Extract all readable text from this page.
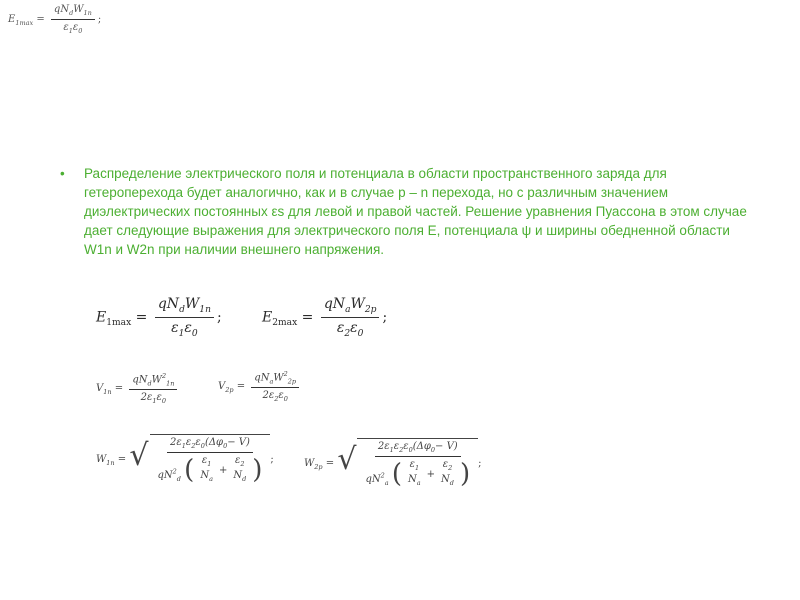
$E_{1max} = \frac{qN_dW_{1n}}{\varepsilon_1\varepsilon_0}$ ;
• Распределение электрического поля и потенциала в области пространственного заряда для гетероперехода будет аналогично, как и в случае p – n перехода, но с различным значением диэлектрических постоянных εs для левой и правой частей. Решение уравнения Пуассона в этом случае дает следующие выражения для электрического поля E, потенциала ψ и ширины обедненной области W1n и W2n при наличии внешнего напряжения.
$E_{1max} = \frac{qN_dW_{1n}}{\varepsilon_1\varepsilon_0}$ ;	$E_{2max} = \frac{qN_aW_{2p}}{\varepsilon_2\varepsilon_0}$ ;
$V_{1n} = \frac{qN_dW^2_{1n}}{2\varepsilon_1\varepsilon_0}$	$V_{2p} = \frac{qN_aW^2_{2p}}{2\varepsilon_2\varepsilon_0}$
$W_{1n}$ = √	$2\varepsilon_1\varepsilon_2\varepsilon_0(\Delta\varphi_0- V)$
$qN^2_d$ ( $\varepsilon_1$
$N_a$
+
$\varepsilon_2$
$N_d$ ) ;	$W_{2p}$ = √	$2\varepsilon_1\varepsilon_2\varepsilon_0(\Delta\varphi_0- V)$
$qN^2_a$ ( $\varepsilon_1$
$N_a$
+
$\varepsilon_2$
$N_d$ ) ;
